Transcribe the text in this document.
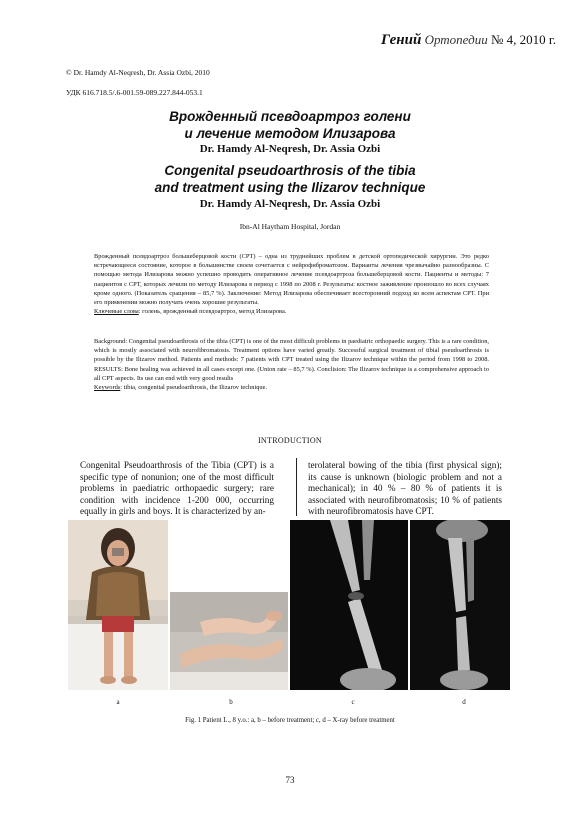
Гений Ортопедии № 4, 2010 г.
© Dr. Hamdy Al-Neqresh, Dr. Assia Ozbi, 2010
УДК 616.718.5/.6-001.59-089.227.844-053.1
Врожденный псевдоартроз голени
и лечение методом Илизарова
Dr. Hamdy Al-Neqresh, Dr. Assia Ozbi
Congenital pseudoarthrosis of the tibia
and treatment using the Ilizarov technique
Dr. Hamdy Al-Neqresh, Dr. Assia Ozbi
Ibn-Al Haytham Hospital, Jordan
Врожденный псевдоартроз большеберцовой кости (CPT) – одна из труднейших проблем в детской ортопедической хирургии. Это редко встречающееся состояние, которое в большинстве своем сочетается с нейрофиброматозом. Варианты лечения чрезвычайно разнообразны. С помощью метода Илизарова можно успешно проводить оперативное лечение псевдоартроза большеберцовой кости. Пациенты и методы: 7 пациентов с CPT, которых лечили по методу Илизарова в период с 1998 по 2008 г. Результаты: костное заживление произошло во всех случаях кроме одного. (Показатель сращения – 85,7 %). Заключение: Метод Илизарова обеспечивает всесторонний подход ко всем аспектам CPT. При его применении можно получать очень хорошие результаты.
Ключевые слова: голень, врожденный псевдоартроз, метод Илизарова.
Background: Congenital pseudoarthrosis of the tibia (CPT) is one of the most difficult problems in paediatric orthopaedic surgery. This is a rare condition, which is mostly associated with neurofibromatosis. Treatment options have varied greatly. Successful surgical treatment of tibial pseudoarthrosis is possible by the Ilizarov method. Patients and methods: 7 patients with CPT treated using the Ilizarov technique within the period from 1998 to 2008. RESULTS: Bone healing was achieved in all cases except one. (Union rate – 85,7 %). Conclision: The Ilizarov technique is a comprehensive approach to all CPT aspects. Its use can end with very good results
Keywords: tibia, congenital pseudoarthrosis, the Ilizarov technique.
INTRODUCTION
Congenital Pseudoarthrosis of the Tibia (CPT) is a specific type of nonunion; one of the most difficult problems in paediatric orthopaedic surgery; rare condition with incidence 1-200 000, occurring equally in girls and boys. It is characterized by an-
terolateral bowing of the tibia (first physical sign); its cause is unknown (biologic problem and not a mechanical); in 40 % – 80 % of patients it is associated with neurofibromatosis; 10 % of patients with neurofibromatosis have CPT.
a	b	c	d
Fig. 1 Patient L., 8 y.o.: a, b – before treatment; c, d – X-ray before treatment
73
